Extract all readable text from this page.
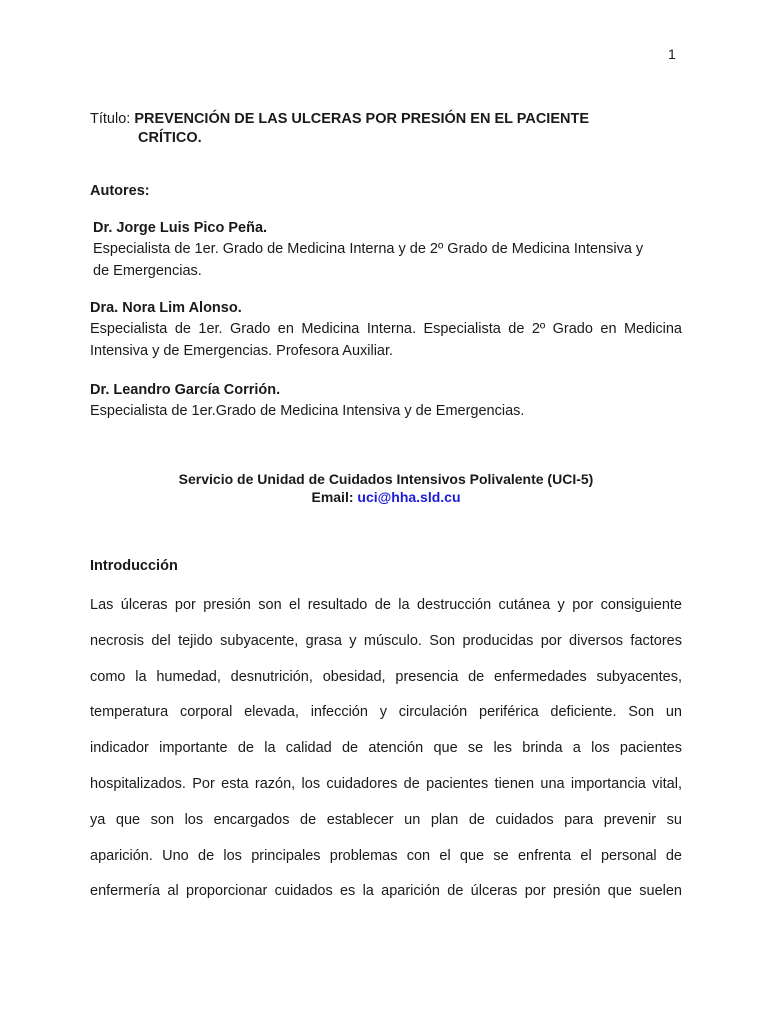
1
Título: PREVENCIÓN DE LAS ULCERAS POR PRESIÓN EN EL PACIENTE
CRÍTICO.
Autores:
Dr. Jorge Luis Pico Peña.
Especialista de 1er. Grado de Medicina Interna y de 2º Grado de Medicina Intensiva y
de Emergencias.
Dra. Nora Lim Alonso.
Especialista de 1er. Grado en Medicina Interna. Especialista de 2º Grado en Medicina
Intensiva y de Emergencias. Profesora Auxiliar.
Dr. Leandro García Corrión.
Especialista de 1er.Grado de Medicina Intensiva y de Emergencias.
Servicio de Unidad de Cuidados Intensivos Polivalente (UCI-5)
Email: uci@hha.sld.cu
Introducción
Las úlceras por presión son el resultado de la destrucción cutánea y por consiguiente
necrosis del tejido subyacente, grasa y músculo. Son producidas por diversos factores
como la humedad, desnutrición, obesidad, presencia de enfermedades subyacentes,
temperatura corporal elevada, infección y circulación periférica deficiente. Son un
indicador importante de la calidad de atención que se les brinda a los pacientes
hospitalizados. Por esta razón, los cuidadores de pacientes tienen una importancia vital,
ya que son los encargados de establecer un plan de cuidados para prevenir su
aparición. Uno de los principales problemas con el que se enfrenta el personal de
enfermería al proporcionar cuidados es la aparición de úlceras por presión que suelen
